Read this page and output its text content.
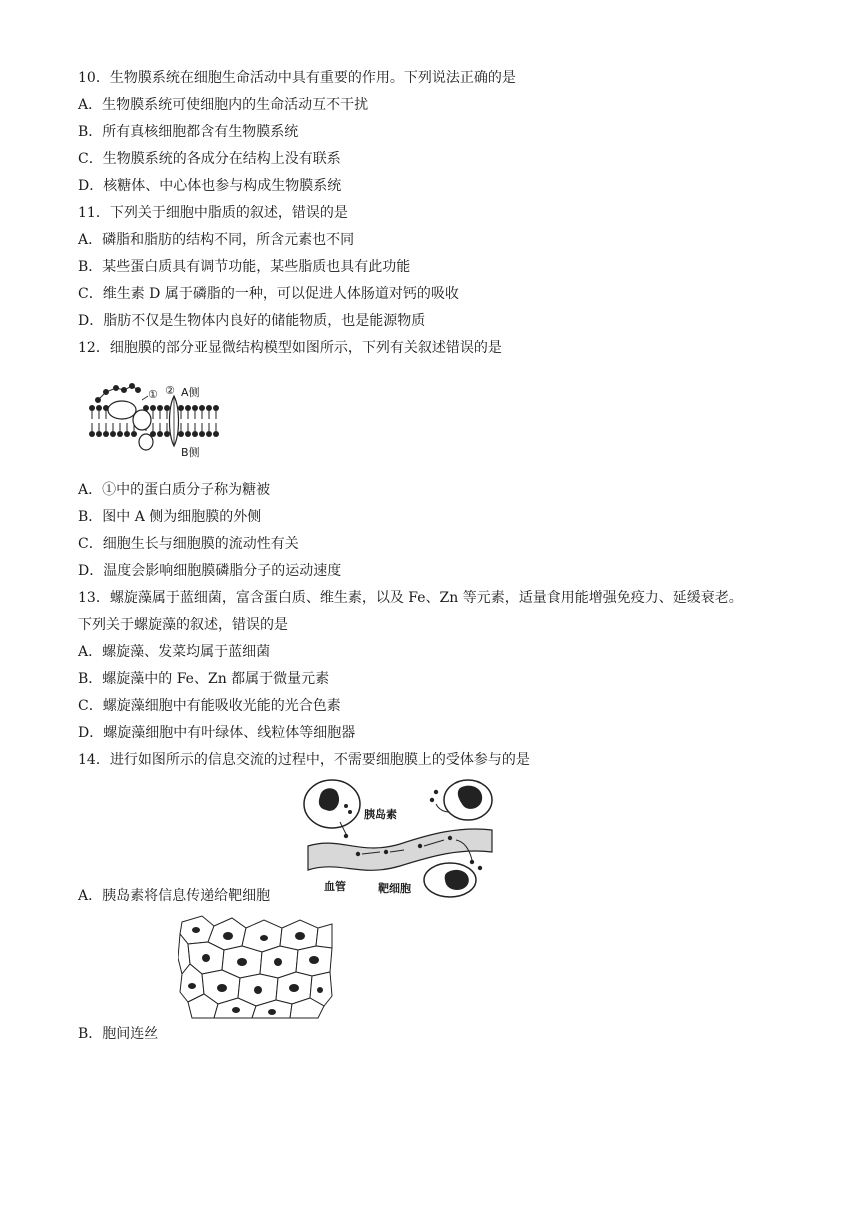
10．生物膜系统在细胞生命活动中具有重要的作用。下列说法正确的是
A．生物膜系统可使细胞内的生命活动互不干扰
B．所有真核细胞都含有生物膜系统
C．生物膜系统的各成分在结构上没有联系
D．核糖体、中心体也参与构成生物膜系统
11．下列关于细胞中脂质的叙述，错误的是
A．磷脂和脂肪的结构不同，所含元素也不同
B．某些蛋白质具有调节功能，某些脂质也具有此功能
C．维生素 D 属于磷脂的一种，可以促进人体肠道对钙的吸收
D．脂肪不仅是生物体内良好的储能物质，也是能源物质
12．细胞膜的部分亚显微结构模型如图所示，下列有关叙述错误的是
① ② A侧
B侧
A．①中的蛋白质分子称为糖被
B．图中 A 侧为细胞膜的外侧
C．细胞生长与细胞膜的流动性有关
D．温度会影响细胞膜磷脂分子的运动速度
13．螺旋藻属于蓝细菌，富含蛋白质、维生素，以及 Fe、Zn 等元素，适量食用能增强免疫力、延缓衰老。
下列关于螺旋藻的叙述，错误的是
A．螺旋藻、发菜均属于蓝细菌
B．螺旋藻中的 Fe、Zn 都属于微量元素
C．螺旋藻细胞中有能吸收光能的光合色素
D．螺旋藻细胞中有叶绿体、线粒体等细胞器
14．进行如图所示的信息交流的过程中，不需要细胞膜上的受体参与的是
胰岛素
血管	靶细胞
A．胰岛素将信息传递给靶细胞
B．胞间连丝
